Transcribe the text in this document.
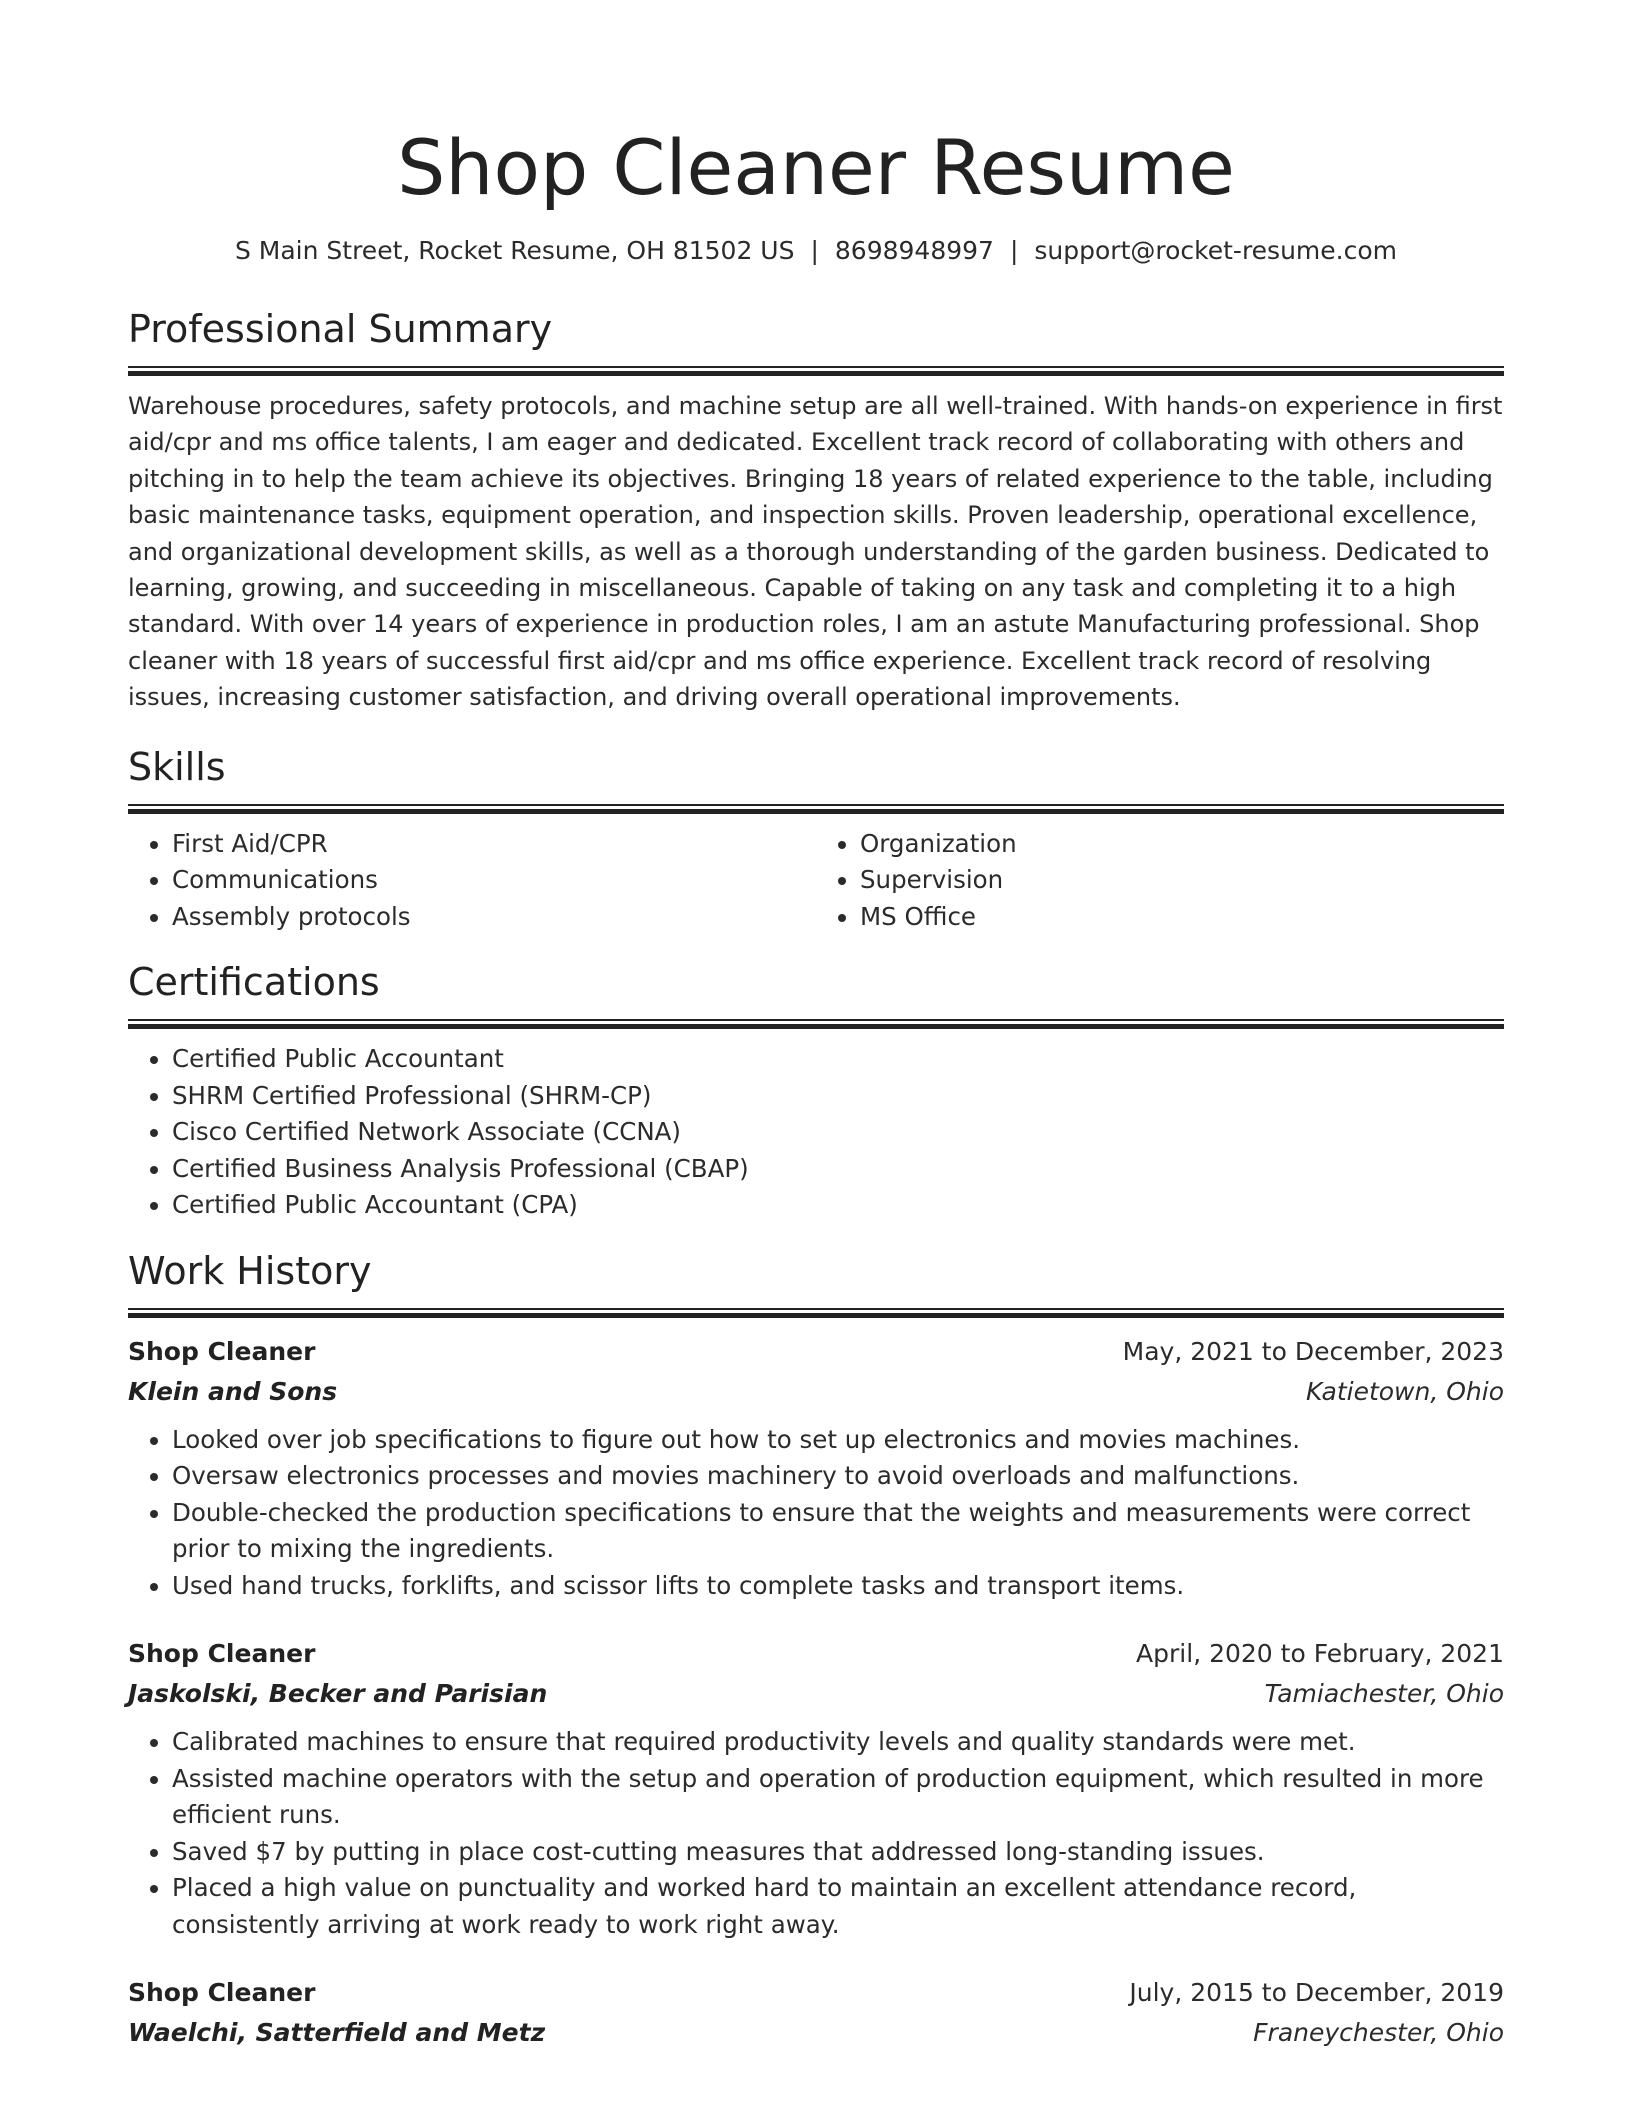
Shop Cleaner Resume
S Main Street, Rocket Resume, OH 81502 US | 8698948997 | support@rocket-resume.com
Professional Summary

Warehouse procedures, safety protocols, and machine setup are all well-trained. With hands-on experience in first aid/cpr and ms office talents, I am eager and dedicated. Excellent track record of collaborating with others and pitching in to help the team achieve its objectives. Bringing 18 years of related experience to the table, including basic maintenance tasks, equipment operation, and inspection skills. Proven leadership, operational excellence, and organizational development skills, as well as a thorough understanding of the garden business. Dedicated to learning, growing, and succeeding in miscellaneous. Capable of taking on any task and completing it to a high standard. With over 14 years of experience in production roles, I am an astute Manufacturing professional. Shop cleaner with 18 years of successful first aid/cpr and ms office experience. Excellent track record of resolving issues, increasing customer satisfaction, and driving overall operational improvements.

Skills
• First Aid/CPR
• Communications
• Assembly protocols
• Organization
• Supervision
• MS Office
Certifications
• Certified Public Accountant
• SHRM Certified Professional (SHRM-CP)
• Cisco Certified Network Associate (CCNA)
• Certified Business Analysis Professional (CBAP)
• Certified Public Accountant (CPA)
Work History
Shop Cleaner	May, 2021 to December, 2023
Klein and Sons	Katietown, Ohio
• Looked over job specifications to figure out how to set up electronics and movies machines.
• Oversaw electronics processes and movies machinery to avoid overloads and malfunctions.
• Double-checked the production specifications to ensure that the weights and measurements were correct prior to mixing the ingredients.
• Used hand trucks, forklifts, and scissor lifts to complete tasks and transport items.
Shop Cleaner	April, 2020 to February, 2021
Jaskolski, Becker and Parisian	Tamiachester, Ohio
• Calibrated machines to ensure that required productivity levels and quality standards were met.
• Assisted machine operators with the setup and operation of production equipment, which resulted in more efficient runs.
• Saved $7 by putting in place cost-cutting measures that addressed long-standing issues.
• Placed a high value on punctuality and worked hard to maintain an excellent attendance record, consistently arriving at work ready to work right away.
Shop Cleaner	July, 2015 to December, 2019
Waelchi, Satterfield and Metz	Franeychester, Ohio
